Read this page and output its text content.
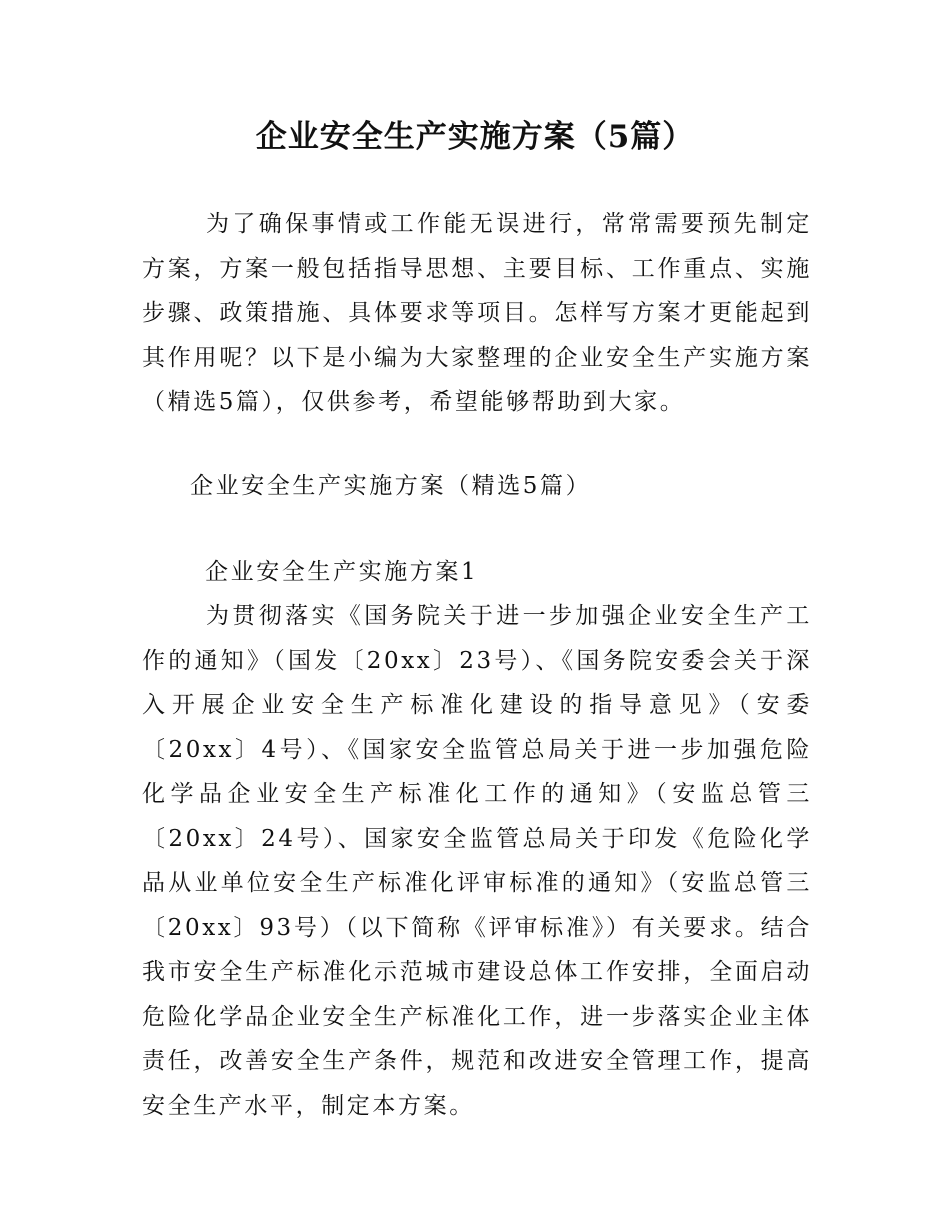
企业安全生产实施方案（5篇）

为了确保事情或工作能无误进行，常常需要预先制定方案，方案一般包括指导思想、主要目标、工作重点、实施步骤、政策措施、具体要求等项目。怎样写方案才更能起到其作用呢？以下是小编为大家整理的企业安全生产实施方案（精选5篇），仅供参考，希望能够帮助到大家。

企业安全生产实施方案（精选5篇）

企业安全生产实施方案1

为贯彻落实《国务院关于进一步加强企业安全生产工作的通知》（国发〔20xx〕23号）、《国务院安委会关于深入开展企业安全生产标准化建设的指导意见》（安委〔20xx〕4号）、《国家安全监管总局关于进一步加强危险化学品企业安全生产标准化工作的通知》（安监总管三〔20xx〕24号）、国家安全监管总局关于印发《危险化学品从业单位安全生产标准化评审标准的通知》（安监总管三〔20xx〕93号）（以下简称《评审标准》）有关要求。结合我市安全生产标准化示范城市建设总体工作安排，全面启动危险化学品企业安全生产标准化工作，进一步落实企业主体责任，改善安全生产条件，规范和改进安全管理工作，提高安全生产水平，制定本方案。
